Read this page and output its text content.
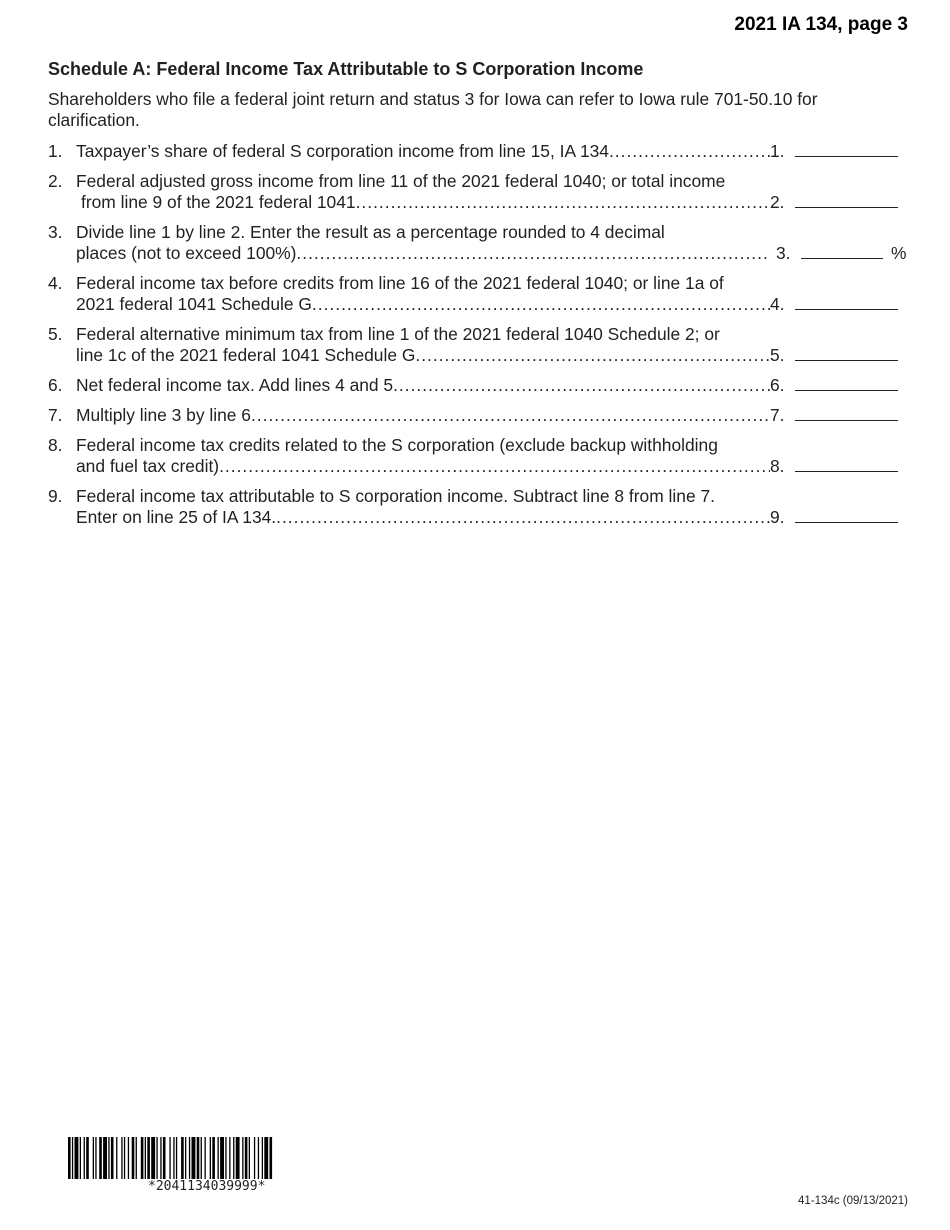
2021 IA 134, page 3
Schedule A: Federal Income Tax Attributable to S Corporation Income
Shareholders who file a federal joint return and status 3 for Iowa can refer to Iowa rule 701-50.10 for clarification.
1. Taxpayer’s share of federal S corporation income from line 15, IA 134 .....	1.
2. Federal adjusted gross income from line 11 of the 2021 federal 1040; or total income
from line 9 of the 2021 federal 1041 .....	2.
3. Divide line 1 by line 2. Enter the result as a percentage rounded to 4 decimal
places (not to exceed 100%) .....	3.	%
4. Federal income tax before credits from line 16 of the 2021 federal 1040; or line 1a of
2021 federal 1041 Schedule G .....	4.
5. Federal alternative minimum tax from line 1 of the 2021 federal 1040 Schedule 2; or
line 1c of the 2021 federal 1041 Schedule G .....	5.
6. Net federal income tax. Add lines 4 and 5 .....	6.
7. Multiply line 3 by line 6 .....	7.
8. Federal income tax credits related to the S corporation (exclude backup withholding
and fuel tax credit) .....	8.
9. Federal income tax attributable to S corporation income. Subtract line 8 from line 7.
Enter on line 25 of IA 134. .....	9.
*2041134039999*
41-134c (09/13/2021)
